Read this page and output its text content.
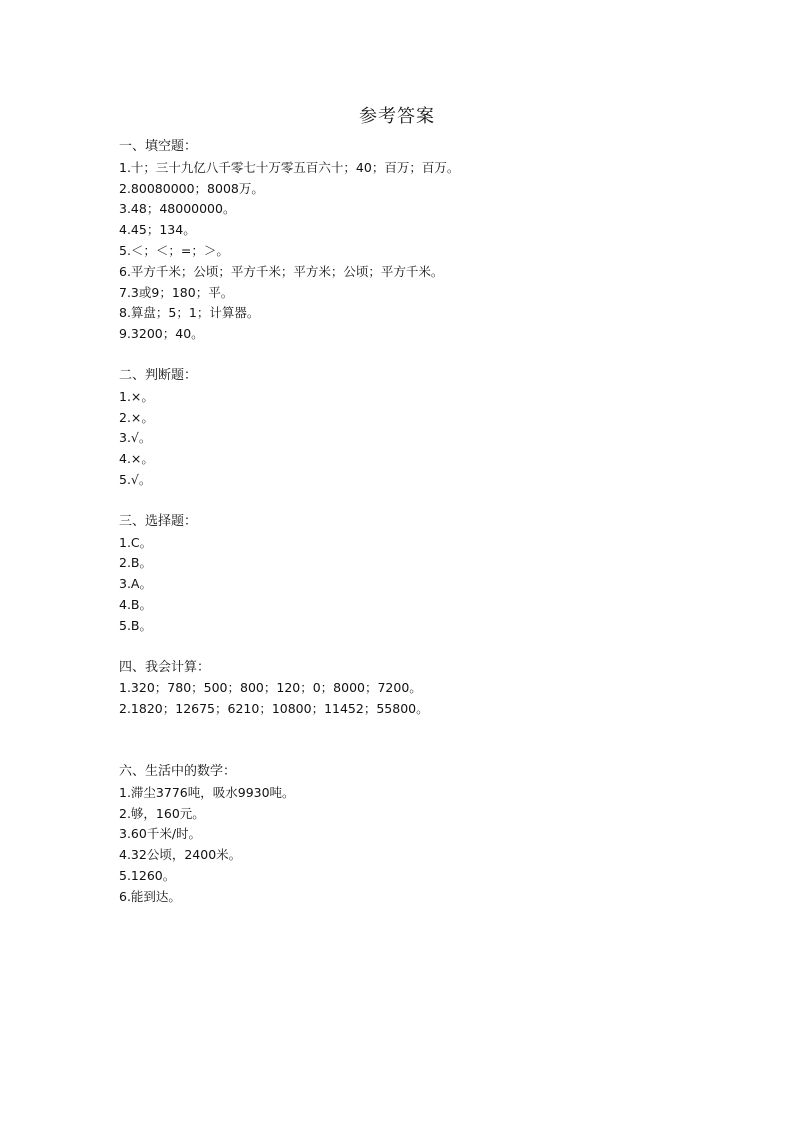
参考答案
一、填空题：
1.十；三十九亿八千零七十万零五百六十；40；百万；百万。
2.80080000；8008万。
3.48；48000000。
4.45；134。
5.＜；＜；=；＞。
6.平方千米；公顷；平方千米；平方米；公顷；平方千米。
7.3或9；180；平。
8.算盘；5；1；计算器。
9.3200；40。
二、判断题：
1.×。
2.×。
3.√。
4.×。
5.√。
三、选择题：
1.C。
2.B。
3.A。
4.B。
5.B。
四、我会计算：
1.320；780；500；800；120；0；8000；7200。
2.1820；12675；6210；10800；11452；55800。
六、生活中的数学：
1.滞尘3776吨，吸水9930吨。
2.够，160元。
3.60千米/时。
4.32公顷，2400米。
5.1260。
6.能到达。
